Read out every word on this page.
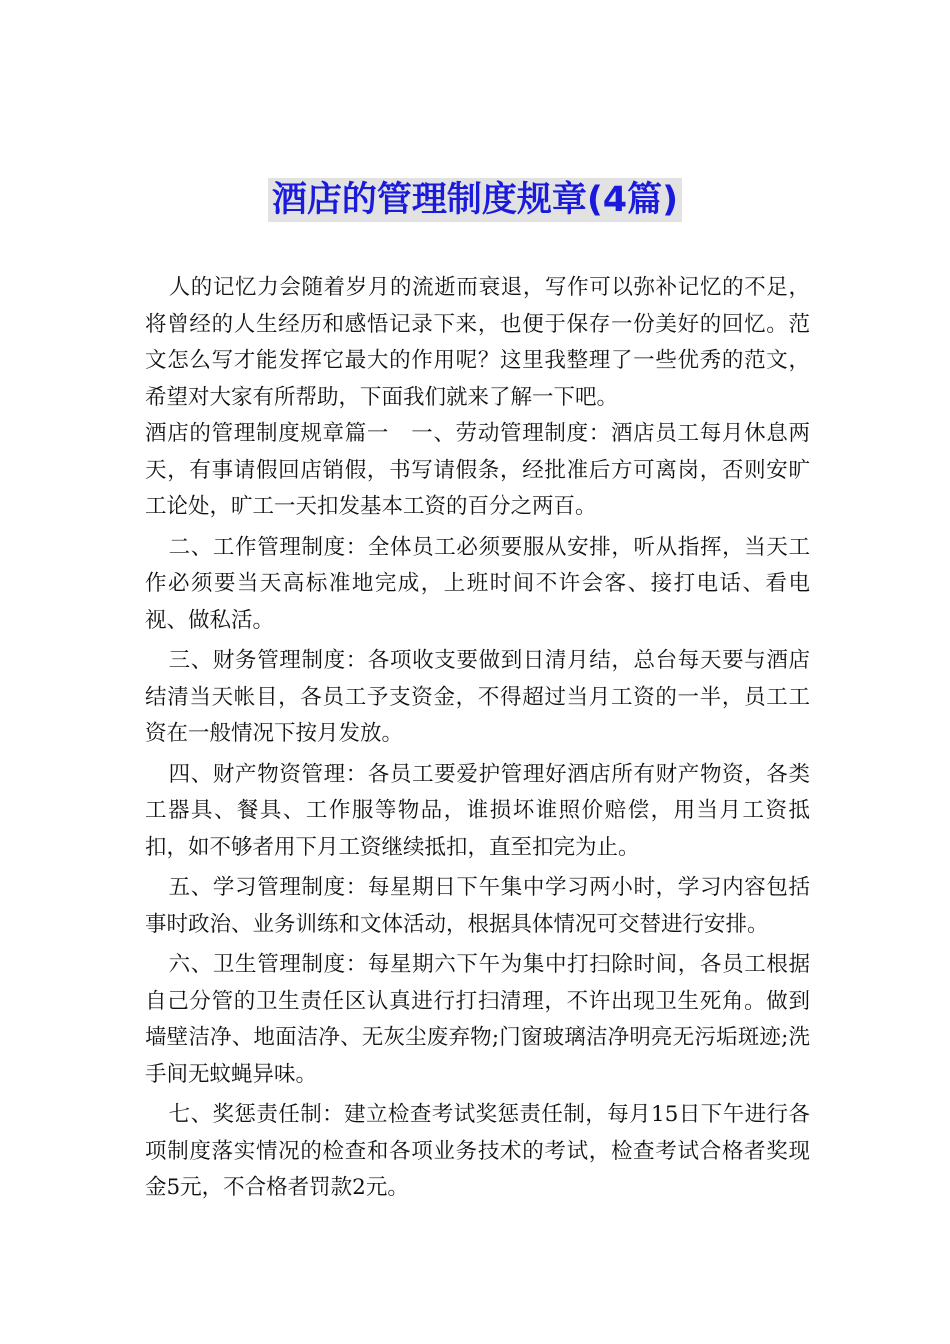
酒店的管理制度规章(4篇)

人的记忆力会随着岁月的流逝而衰退，写作可以弥补记忆的不足，将曾经的人生经历和感悟记录下来，也便于保存一份美好的回忆。范文怎么写才能发挥它最大的作用呢？这里我整理了一些优秀的范文，希望对大家有所帮助，下面我们就来了解一下吧。

酒店的管理制度规章篇一　一、劳动管理制度：酒店员工每月休息两天，有事请假回店销假，书写请假条，经批准后方可离岗，否则安旷工论处，旷工一天扣发基本工资的百分之两百。

二、工作管理制度：全体员工必须要服从安排，听从指挥，当天工作必须要当天高标准地完成，上班时间不许会客、接打电话、看电视、做私活。

三、财务管理制度：各项收支要做到日清月结，总台每天要与酒店结清当天帐目，各员工予支资金，不得超过当月工资的一半，员工工资在一般情况下按月发放。

四、财产物资管理：各员工要爱护管理好酒店所有财产物资，各类工器具、餐具、工作服等物品，谁损坏谁照价赔偿，用当月工资抵扣，如不够者用下月工资继续抵扣，直至扣完为止。

五、学习管理制度：每星期日下午集中学习两小时，学习内容包括事时政治、业务训练和文体活动，根据具体情况可交替进行安排。

六、卫生管理制度：每星期六下午为集中打扫除时间，各员工根据自己分管的卫生责任区认真进行打扫清理，不许出现卫生死角。做到墙壁洁净、地面洁净、无灰尘废弃物;门窗玻璃洁净明亮无污垢斑迹;洗手间无蚊蝇异味。

七、奖惩责任制：建立检查考试奖惩责任制，每月15日下午进行各项制度落实情况的检查和各项业务技术的考试，检查考试合格者奖现金5元，不合格者罚款2元。
